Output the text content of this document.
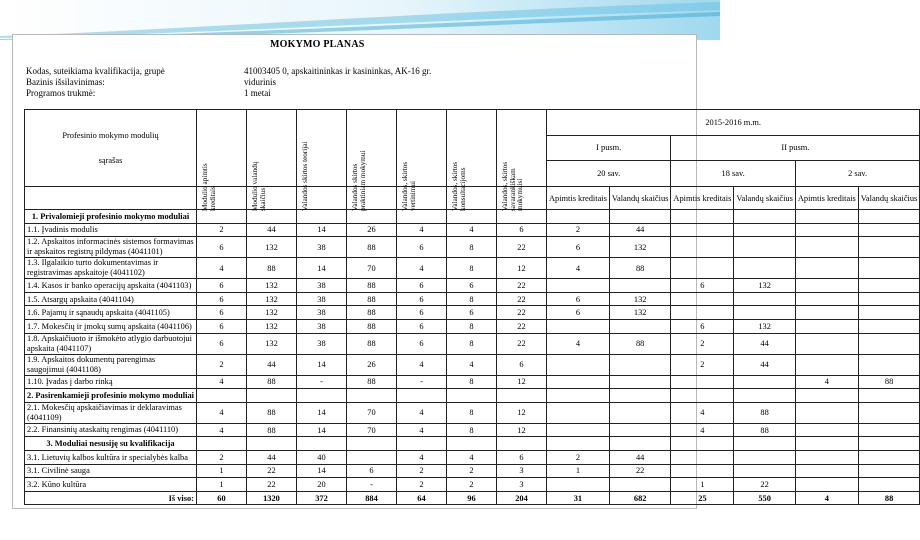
MOKYMO PLANAS
Kodas, suteikiama kvalifikacija, grupė	41003405 0, apskaitininkas ir kasininkas, AK-16 gr.
Bazinis išsilavinimas:	vidurinis
Programos trukmė:	1 metai
Profesinio mokymo modulių
sąrašas	Modulio apimtis kreditais	Modulio valandų skaičius	Valandos skirtos teorijai	Valandos skirtos praktiniam mokymui	Valandos, skirtos vertinimui	Valandos, skirtos konsultacijoms	Valandos, skirtos savarankiškam mokymuisi	2015-2016 m.m.					
								I pusm.		II pusm.			
								20 sav.		18 sav.		2 sav.	
								Apimtis kreditais	Valandų skaičius	Apimtis kreditais	Valandų skaičius	Apimtis kreditais	Valandų skaičius
1. Privalomieji profesinio mokymo moduliai													
1.1. Įvadinis modulis	2	44	14	26	4	4	6	2	44				
1.2. Apskaitos informacinės sistemos formavimas ir apskaitos registrų pildymas (4041101)	6	132	38	88	6	8	22	6	132				
1.3. Ilgalaikio turto dokumentavimas ir registravimas apskaitoje (4041102)	4	88	14	70	4	8	12	4	88				
1.4. Kasos ir banko operacijų apskaita (4041103)	6	132	38	88	6	6	22			6	132		
1.5. Atsargų apskaita (4041104)	6	132	38	88	6	8	22	6	132				
1.6. Pajamų ir sąnaudų apskaita (4041105)	6	132	38	88	6	6	22	6	132				
1.7. Mokesčių ir įmokų sumų apskaita (4041106)	6	132	38	88	6	8	22			6	132		
1.8. Apskaičiuoto ir išmokėto atlygio darbuotojui apskaita (4041107)	6	132	38	88	6	8	22	4	88	2	44		
1.9. Apskaitos dokumentų parengimas saugojimui (4041108)	2	44	14	26	4	4	6			2	44		
1.10. Įvadas į darbo rinką	4	88	-	88	-	8	12					4	88
2. Pasirenkamieji profesinio mokymo moduliai													
2.1. Mokesčių apskaičiavimas ir deklaravimas (4041109)	4	88	14	70	4	8	12			4	88		
2.2. Finansinių ataskaitų rengimas (4041110)	4	88	14	70	4	8	12			4	88		
3. Moduliai nesusiję su kvalifikacija													
3.1. Lietuvių kalbos kultūra ir specialybės kalba	2	44	40		4	4	6	2	44				
3.1. Civilinė sauga	1	22	14	6	2	2	3	1	22				
3.2. Kūno kultūra	1	22	20	-	2	2	3			1	22		
Iš viso:	60	1320	372	884	64	96	204	31	682	25	550	4	88
